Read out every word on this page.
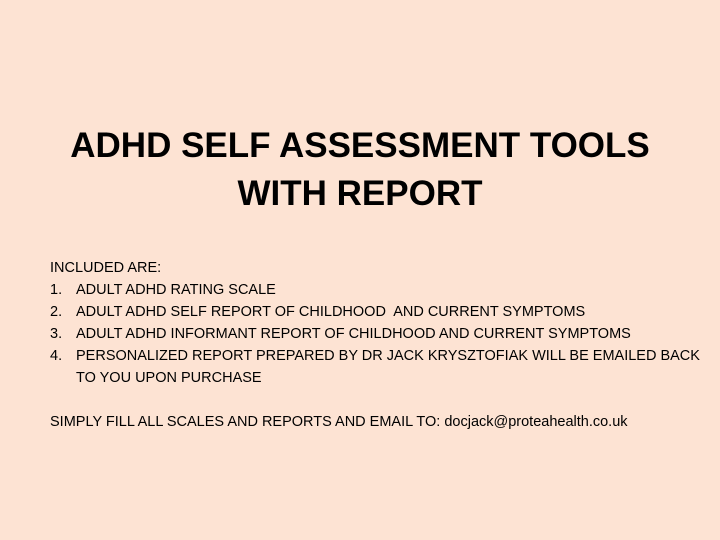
ADHD SELF ASSESSMENT TOOLS
WITH REPORT
INCLUDED ARE:
1. ADULT ADHD RATING SCALE
2. ADULT ADHD SELF REPORT OF CHILDHOOD  AND CURRENT SYMPTOMS
3. ADULT ADHD INFORMANT REPORT OF CHILDHOOD AND CURRENT SYMPTOMS
4. PERSONALIZED REPORT PREPARED BY DR JACK KRYSZTOFIAK WILL BE EMAILED BACK
TO YOU UPON PURCHASE
SIMPLY FILL ALL SCALES AND REPORTS AND EMAIL TO: docjack@proteahealth.co.uk
